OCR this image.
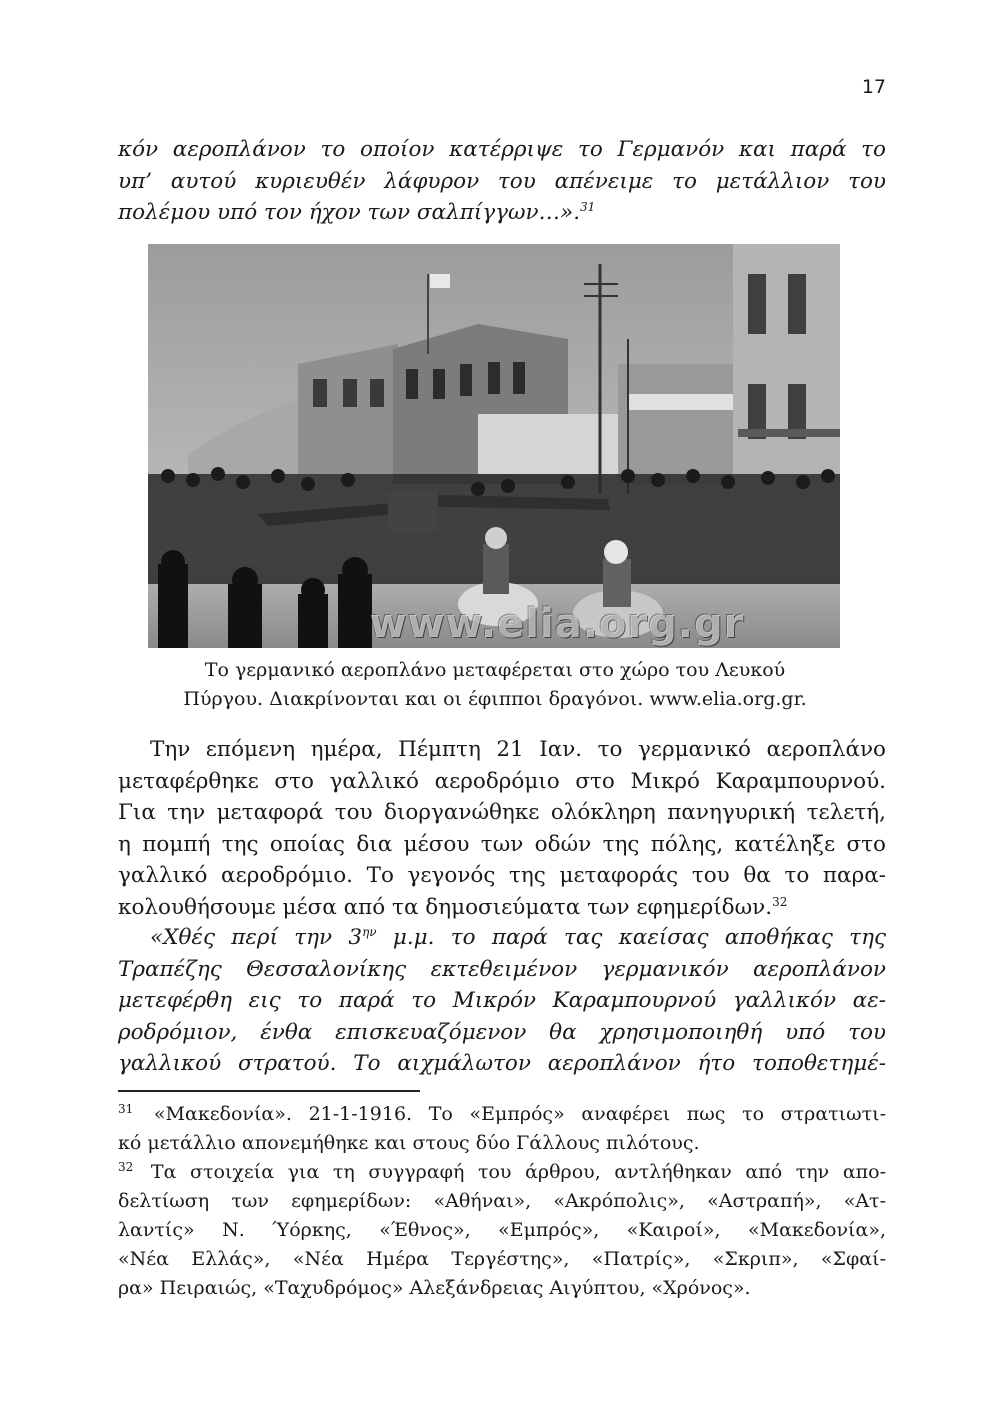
17
κόν αεροπλάνον το οποίον κατέρριψε το Γερμανόν και παρά το
υπ’ αυτού κυριευθέν λάφυρον του απένειμε το μετάλλιον του
πολέμου υπό τον ήχον των σαλπίγγων…».$^{31}$
www.elia.org.gr
Το γερμανικό αεροπλάνο μεταφέρεται στο χώρο του Λευκού
Πύργου. Διακρίνονται και οι έφιπποι δραγόνοι. www.elia.org.gr.
Την επόμενη ημέρα, Πέμπτη 21 Ιαν. το γερμανικό αεροπλάνο
μεταφέρθηκε στο γαλλικό αεροδρόμιο στο Μικρό Καραμπουρνού.
Για την μεταφορά του διοργανώθηκε ολόκληρη πανηγυρική τελετή,
η πομπή της οποίας δια μέσου των οδών της πόλης, κατέληξε στο
γαλλικό αεροδρόμιο. Το γεγονός της μεταφοράς του θα το παρα-
κολουθήσουμε μέσα από τα δημοσιεύματα των εφημερίδων.$^{32}$
«Χθές περί την $3^{\eta\nu}$ μ.μ. το παρά τας καείσας αποθήκας της
Τραπέζης Θεσσαλονίκης εκτεθειμένον γερμανικόν αεροπλάνον
μετεφέρθη εις το παρά το Μικρόν Καραμπουρνού γαλλικόν αε-
ροδρόμιον, ένθα επισκευαζόμενον θα χρησιμοποιηθή υπό του
γαλλικού στρατού. Το αιχμάλωτον αεροπλάνον ήτο τοποθετημέ-
$^{31}$ «Μακεδονία». 21-1-1916. Το «Εμπρός» αναφέρει πως το στρατιωτι-
κό μετάλλιο απονεμήθηκε και στους δύο Γάλλους πιλότους.
$^{32}$ Τα στοιχεία για τη συγγραφή του άρθρου, αντλήθηκαν από την απο-
δελτίωση των εφημερίδων: «Αθήναι», «Ακρόπολις», «Αστραπή», «Ατ-
λαντίς» Ν. Ύόρκης, «Έθνος», «Εμπρός», «Καιροί», «Μακεδονία»,
«Νέα Ελλάς», «Νέα Ημέρα Τεργέστης», «Πατρίς», «Σκριπ», «Σφαί-
ρα» Πειραιώς, «Ταχυδρόμος» Αλεξάνδρειας Αιγύπτου, «Χρόνος».
